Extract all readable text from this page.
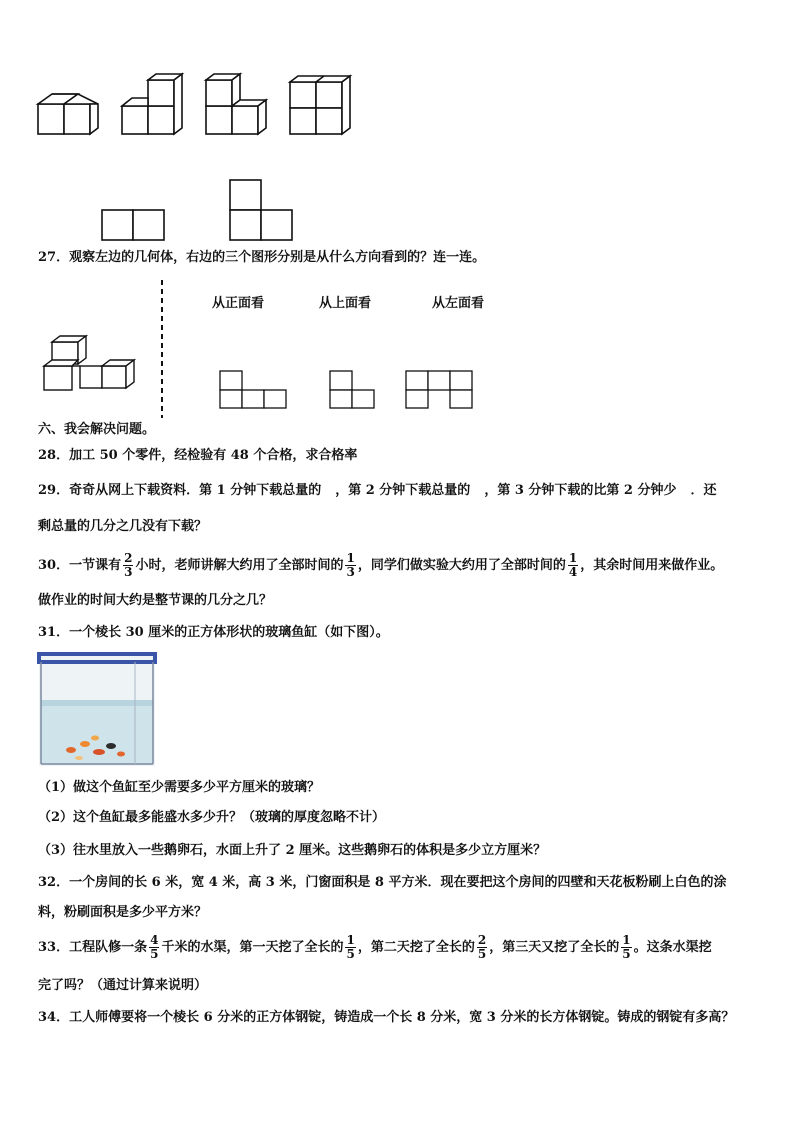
27．观察左边的几何体，右边的三个图形分别是从什么方向看到的？连一连。
从正面看	从上面看	从左面看
六、我会解决问题。
28．加工 50 个零件，经检验有 48 个合格，求合格率
29．奇奇从网上下载资料．第 1 分钟下载总量的 ，第 2 分钟下载总量的 ，第 3 分钟下载的比第 2 分钟少 ．还
剩总量的几分之几没有下载？
30．一节课有 $\frac{2}{3}$ 小时，老师讲解大约用了全部时间的 $\frac{1}{3}$ ，同学们做实验大约用了全部时间的 $\frac{1}{4}$ ，其余时间用来做作业。
做作业的时间大约是整节课的几分之几？
31．一个棱长 30 厘米的正方体形状的玻璃鱼缸（如下图）。
（1）做这个鱼缸至少需要多少平方厘米的玻璃？
（2）这个鱼缸最多能盛水多少升？（玻璃的厚度忽略不计）
（3）往水里放入一些鹅卵石，水面上升了 2 厘米。这些鹅卵石的体积是多少立方厘米？
32．一个房间的长 6 米，宽 4 米，高 3 米，门窗面积是 8 平方米．现在要把这个房间的四壁和天花板粉刷上白色的涂
料，粉刷面积是多少平方米？
33．工程队修一条 $\frac{4}{5}$ 千米的水渠，第一天挖了全长的 $\frac{1}{5}$ ，第二天挖了全长的 $\frac{2}{5}$ ，第三天又挖了全长的 $\frac{1}{5}$ 。这条水渠挖
完了吗？（通过计算来说明）
34．工人师傅要将一个棱长 6 分米的正方体钢锭，铸造成一个长 8 分米，宽 3 分米的长方体钢锭。铸成的钢锭有多高？
